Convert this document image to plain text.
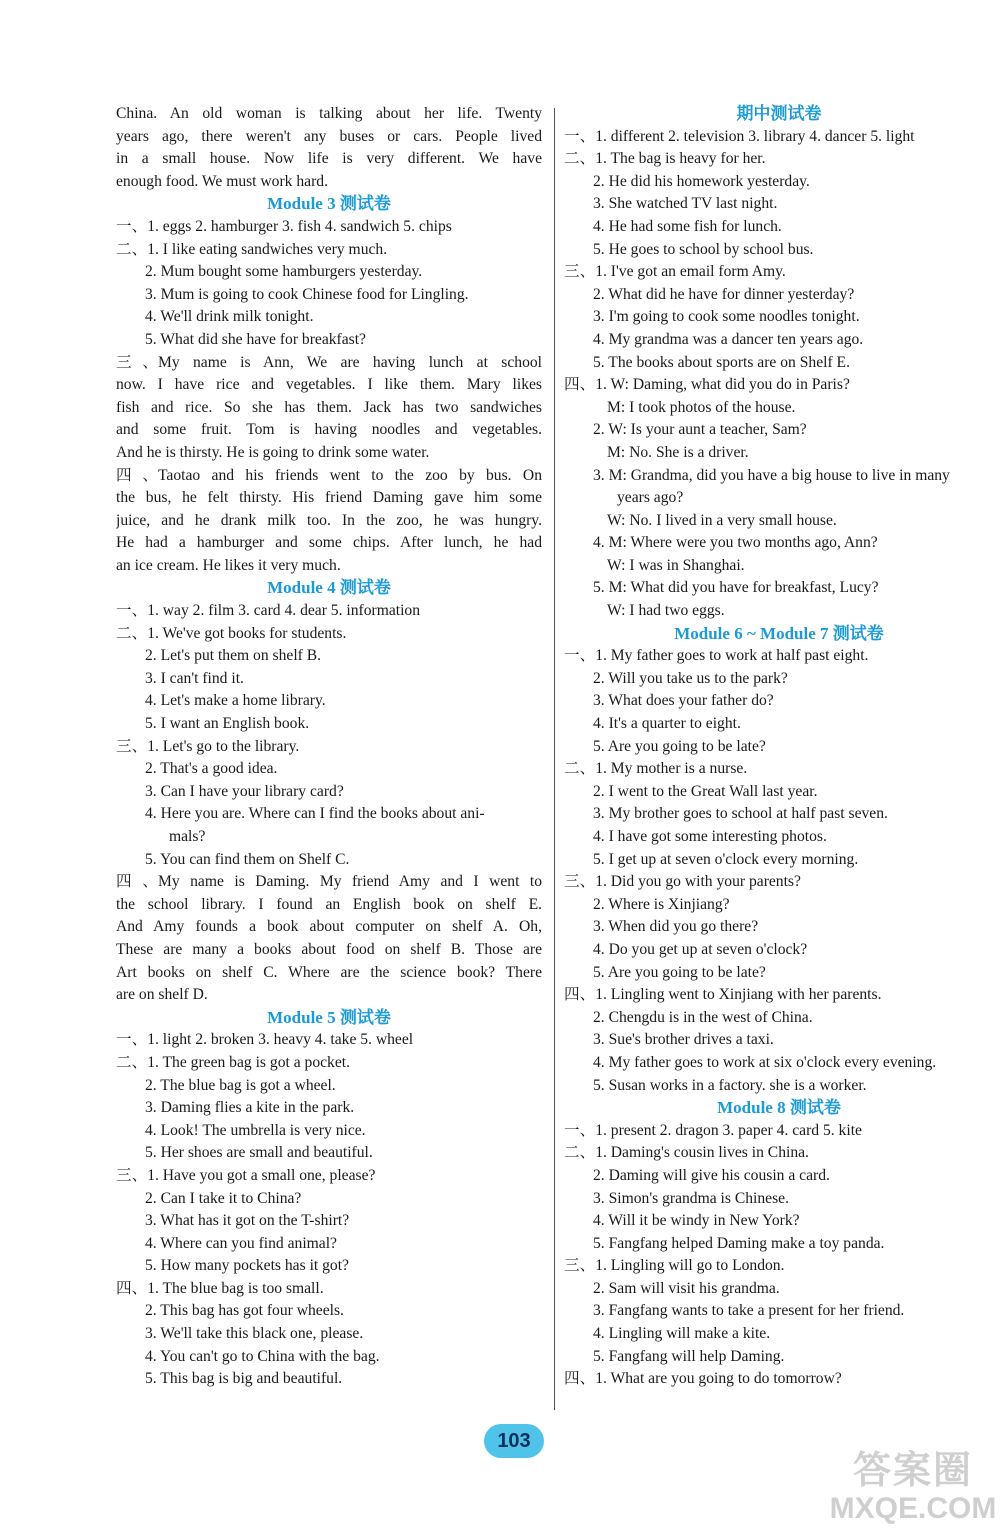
China. An old woman is talking about her life. Twenty
years ago, there weren't any buses or cars. People lived
in a small house. Now life is very different. We have
enough food. We must work hard.
Module 3 测试卷
一、1. eggs 2. hamburger 3. fish 4. sandwich 5. chips
二、1. I like eating sandwiches very much.
2. Mum bought some hamburgers yesterday.
3. Mum is going to cook Chinese food for Lingling.
4. We'll drink milk tonight.
5. What did she have for breakfast?
三、My name is Ann, We are having lunch at school
now. I have rice and vegetables. I like them. Mary likes
fish and rice. So she has them. Jack has two sandwiches
and some fruit. Tom is having noodles and vegetables.
And he is thirsty. He is going to drink some water.
四、Taotao and his friends went to the zoo by bus. On
the bus, he felt thirsty. His friend Daming gave him some
juice, and he drank milk too. In the zoo, he was hungry.
He had a hamburger and some chips. After lunch, he had
an ice cream. He likes it very much.
Module 4 测试卷
一、1. way 2. film 3. card 4. dear 5. information
二、1. We've got books for students.
2. Let's put them on shelf B.
3. I can't find it.
4. Let's make a home library.
5. I want an English book.
三、1. Let's go to the library.
2. That's a good idea.
3. Can I have your library card?
4. Here you are. Where can I find the books about ani-
mals?
5. You can find them on Shelf C.
四、My name is Daming. My friend Amy and I went to
the school library. I found an English book on shelf E.
And Amy founds a book about computer on shelf A. Oh,
These are many a books about food on shelf B. Those are
Art books on shelf C. Where are the science book? There
are on shelf D.
Module 5 测试卷
一、1. light 2. broken 3. heavy 4. take 5. wheel
二、1. The green bag is got a pocket.
2. The blue bag is got a wheel.
3. Daming flies a kite in the park.
4. Look! The umbrella is very nice.
5. Her shoes are small and beautiful.
三、1. Have you got a small one, please?
2. Can I take it to China?
3. What has it got on the T-shirt?
4. Where can you find animal?
5. How many pockets has it got?
四、1. The blue bag is too small.
2. This bag has got four wheels.
3. We'll take this black one, please.
4. You can't go to China with the bag.
5. This bag is big and beautiful.
期中测试卷
一、1. different 2. television 3. library 4. dancer 5. light
二、1. The bag is heavy for her.
2. He did his homework yesterday.
3. She watched TV last night.
4. He had some fish for lunch.
5. He goes to school by school bus.
三、1. I've got an email form Amy.
2. What did he have for dinner yesterday?
3. I'm going to cook some noodles tonight.
4. My grandma was a dancer ten years ago.
5. The books about sports are on Shelf E.
四、1. W: Daming, what did you do in Paris?
M: I took photos of the house.
2. W: Is your aunt a teacher, Sam?
M: No. She is a driver.
3. M: Grandma, did you have a big house to live in many
years ago?
W: No. I lived in a very small house.
4. M: Where were you two months ago, Ann?
W: I was in Shanghai.
5. M: What did you have for breakfast, Lucy?
W: I had two eggs.
Module 6 ~ Module 7 测试卷
一、1. My father goes to work at half past eight.
2. Will you take us to the park?
3. What does your father do?
4. It's a quarter to eight.
5. Are you going to be late?
二、1. My mother is a nurse.
2. I went to the Great Wall last year.
3. My brother goes to school at half past seven.
4. I have got some interesting photos.
5. I get up at seven o'clock every morning.
三、1. Did you go with your parents?
2. Where is Xinjiang?
3. When did you go there?
4. Do you get up at seven o'clock?
5. Are you going to be late?
四、1. Lingling went to Xinjiang with her parents.
2. Chengdu is in the west of China.
3. Sue's brother drives a taxi.
4. My father goes to work at six o'clock every evening.
5. Susan works in a factory. she is a worker.
Module 8 测试卷
一、1. present 2. dragon 3. paper 4. card 5. kite
二、1. Daming's cousin lives in China.
2. Daming will give his cousin a card.
3. Simon's grandma is Chinese.
4. Will it be windy in New York?
5. Fangfang helped Daming make a toy panda.
三、1. Lingling will go to London.
2. Sam will visit his grandma.
3. Fangfang wants to take a present for her friend.
4. Lingling will make a kite.
5. Fangfang will help Daming.
四、1. What are you going to do tomorrow?
103
答案圈
MXQE.COM
